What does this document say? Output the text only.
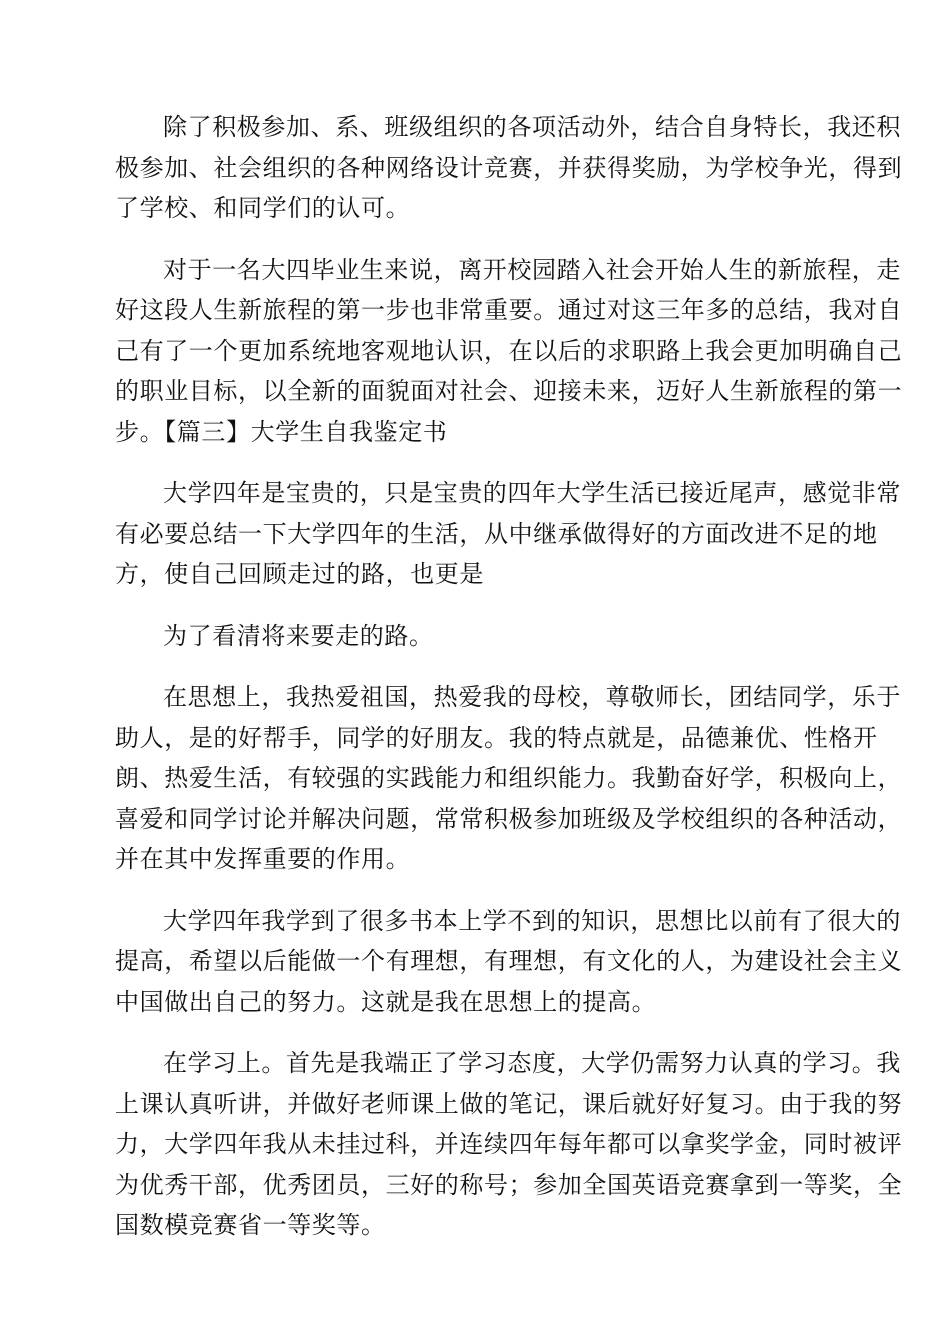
除了积极参加、系、班级组织的各项活动外，结合自身特长，我还积
极参加、社会组织的各种网络设计竞赛，并获得奖励，为学校争光，得到
了学校、和同学们的认可。

对于一名大四毕业生来说，离开校园踏入社会开始人生的新旅程，走
好这段人生新旅程的第一步也非常重要。通过对这三年多的总结，我对自
己有了一个更加系统地客观地认识，在以后的求职路上我会更加明确自己
的职业目标，以全新的面貌面对社会、迎接未来，迈好人生新旅程的第一
步。【篇三】大学生自我鉴定书

大学四年是宝贵的，只是宝贵的四年大学生活已接近尾声，感觉非常
有必要总结一下大学四年的生活，从中继承做得好的方面改进不足的地
方，使自己回顾走过的路，也更是

为了看清将来要走的路。

在思想上，我热爱祖国，热爱我的母校，尊敬师长，团结同学，乐于
助人，是的好帮手，同学的好朋友。我的特点就是，品德兼优、性格开
朗、热爱生活，有较强的实践能力和组织能力。我勤奋好学，积极向上，
喜爱和同学讨论并解决问题，常常积极参加班级及学校组织的各种活动，
并在其中发挥重要的作用。

大学四年我学到了很多书本上学不到的知识，思想比以前有了很大的
提高，希望以后能做一个有理想，有理想，有文化的人，为建设社会主义
中国做出自己的努力。这就是我在思想上的提高。

在学习上。首先是我端正了学习态度，大学仍需努力认真的学习。我
上课认真听讲，并做好老师课上做的笔记，课后就好好复习。由于我的努
力，大学四年我从未挂过科，并连续四年每年都可以拿奖学金，同时被评
为优秀干部，优秀团员，三好的称号；参加全国英语竞赛拿到一等奖，全
国数模竞赛省一等奖等。
